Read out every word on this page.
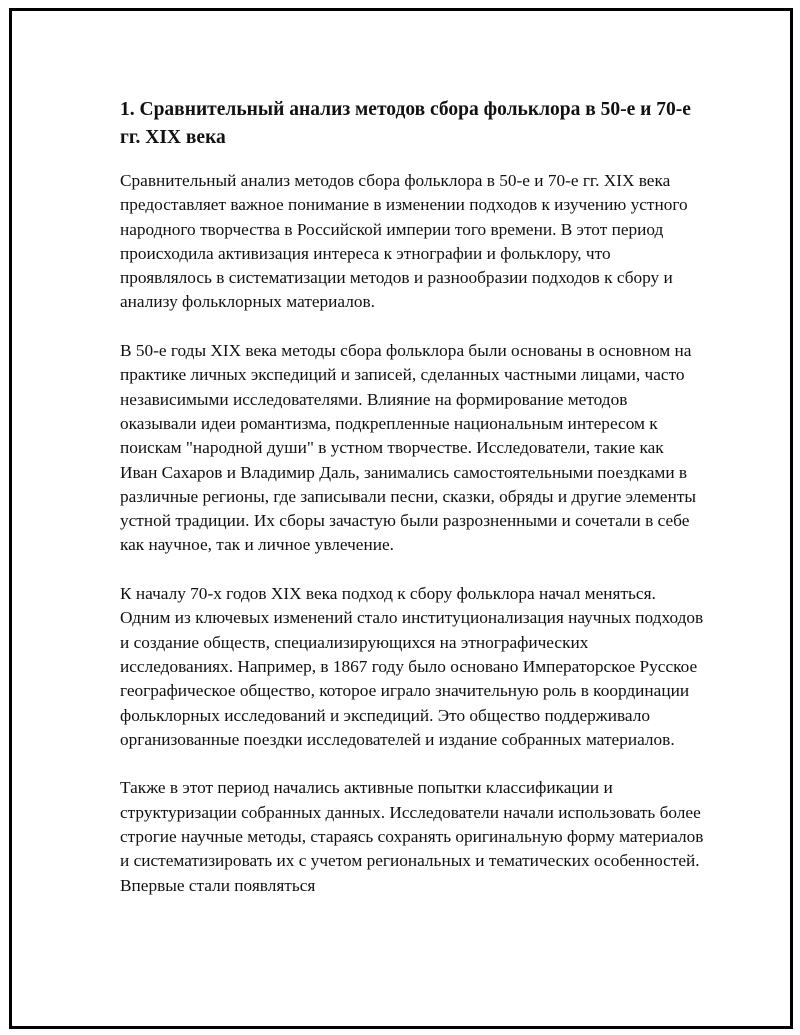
1. Сравнительный анализ методов сбора фольклора в 50-е и 70-е гг. XIX века

Сравнительный анализ методов сбора фольклора в 50-е и 70-е гг. XIX века предоставляет важное понимание в изменении подходов к изучению устного народного творчества в Российской империи того времени. В этот период происходила активизация интереса к этнографии и фольклору, что проявлялось в систематизации методов и разнообразии подходов к сбору и анализу фольклорных материалов.

В 50-е годы XIX века методы сбора фольклора были основаны в основном на практике личных экспедиций и записей, сделанных частными лицами, часто независимыми исследователями. Влияние на формирование методов оказывали идеи романтизма, подкрепленные национальным интересом к поискам "народной души" в устном творчестве. Исследователи, такие как Иван Сахаров и Владимир Даль, занимались самостоятельными поездками в различные регионы, где записывали песни, сказки, обряды и другие элементы устной традиции. Их сборы зачастую были разрозненными и сочетали в себе как научное, так и личное увлечение.

К началу 70-х годов XIX века подход к сбору фольклора начал меняться. Одним из ключевых изменений стало институционализация научных подходов и создание обществ, специализирующихся на этнографических исследованиях. Например, в 1867 году было основано Императорское Русское географическое общество, которое играло значительную роль в координации фольклорных исследований и экспедиций. Это общество поддерживало организованные поездки исследователей и издание собранных материалов.

Также в этот период начались активные попытки классификации и структуризации собранных данных. Исследователи начали использовать более строгие научные методы, стараясь сохранять оригинальную форму материалов и систематизировать их с учетом региональных и тематических особенностей. Впервые стали появляться
